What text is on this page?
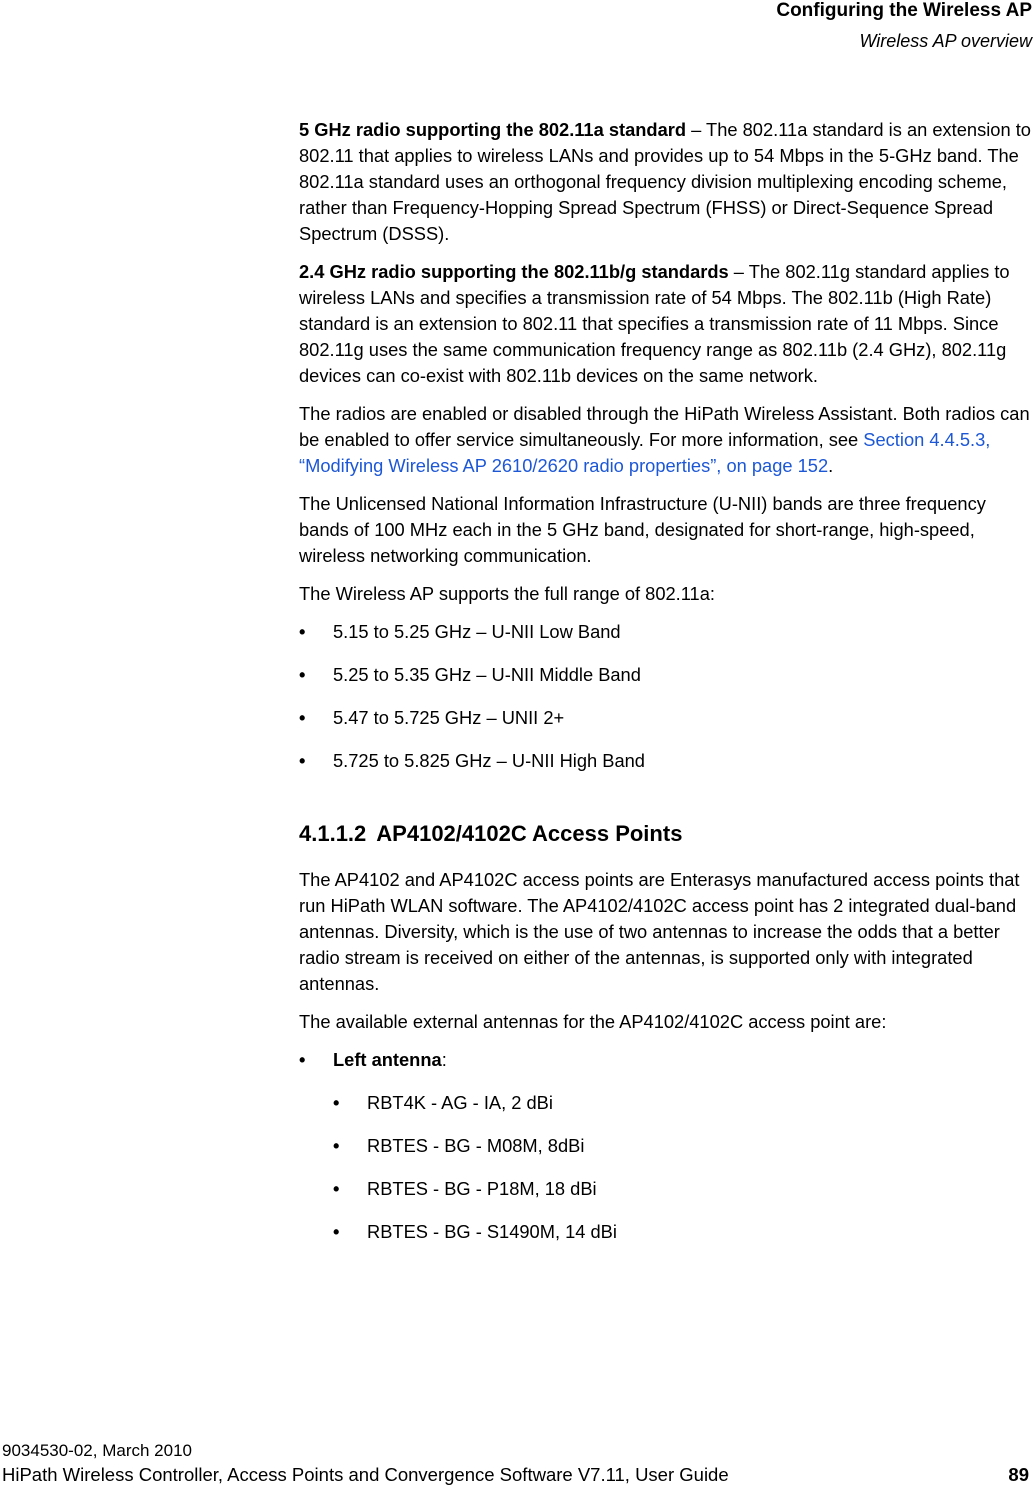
Configuring the Wireless AP
Wireless AP overview

5 GHz radio supporting the 802.11a standard – The 802.11a standard is an extension to 802.11 that applies to wireless LANs and provides up to 54 Mbps in the 5-GHz band. The 802.11a standard uses an orthogonal frequency division multiplexing encoding scheme, rather than Frequency-Hopping Spread Spectrum (FHSS) or Direct-Sequence Spread Spectrum (DSSS).

2.4 GHz radio supporting the 802.11b/g standards – The 802.11g standard applies to wireless LANs and specifies a transmission rate of 54 Mbps. The 802.11b (High Rate) standard is an extension to 802.11 that specifies a transmission rate of 11 Mbps. Since 802.11g uses the same communication frequency range as 802.11b (2.4 GHz), 802.11g devices can co-exist with 802.11b devices on the same network.

The radios are enabled or disabled through the HiPath Wireless Assistant. Both radios can be enabled to offer service simultaneously. For more information, see Section 4.4.5.3, “Modifying Wireless AP 2610/2620 radio properties”, on page 152.

The Unlicensed National Information Infrastructure (U-NII) bands are three frequency bands of 100 MHz each in the 5 GHz band, designated for short-range, high-speed, wireless networking communication.

The Wireless AP supports the full range of 802.11a:

• 5.15 to 5.25 GHz – U-NII Low Band
• 5.25 to 5.35 GHz – U-NII Middle Band
• 5.47 to 5.725 GHz – UNII 2+
• 5.725 to 5.825 GHz – U-NII High Band
4.1.1.2 AP4102/4102C Access Points

The AP4102 and AP4102C access points are Enterasys manufactured access points that run HiPath WLAN software. The AP4102/4102C access point has 2 integrated dual-band antennas. Diversity, which is the use of two antennas to increase the odds that a better radio stream is received on either of the antennas, is supported only with integrated antennas.

The available external antennas for the AP4102/4102C access point are:

• Left antenna:
• RBT4K - AG - IA, 2 dBi
• RBTES - BG - M08M, 8dBi
• RBTES - BG - P18M, 18 dBi
• RBTES - BG - S1490M, 14 dBi
9034530-02, March 2010
HiPath Wireless Controller, Access Points and Convergence Software V7.11, User Guide	89
